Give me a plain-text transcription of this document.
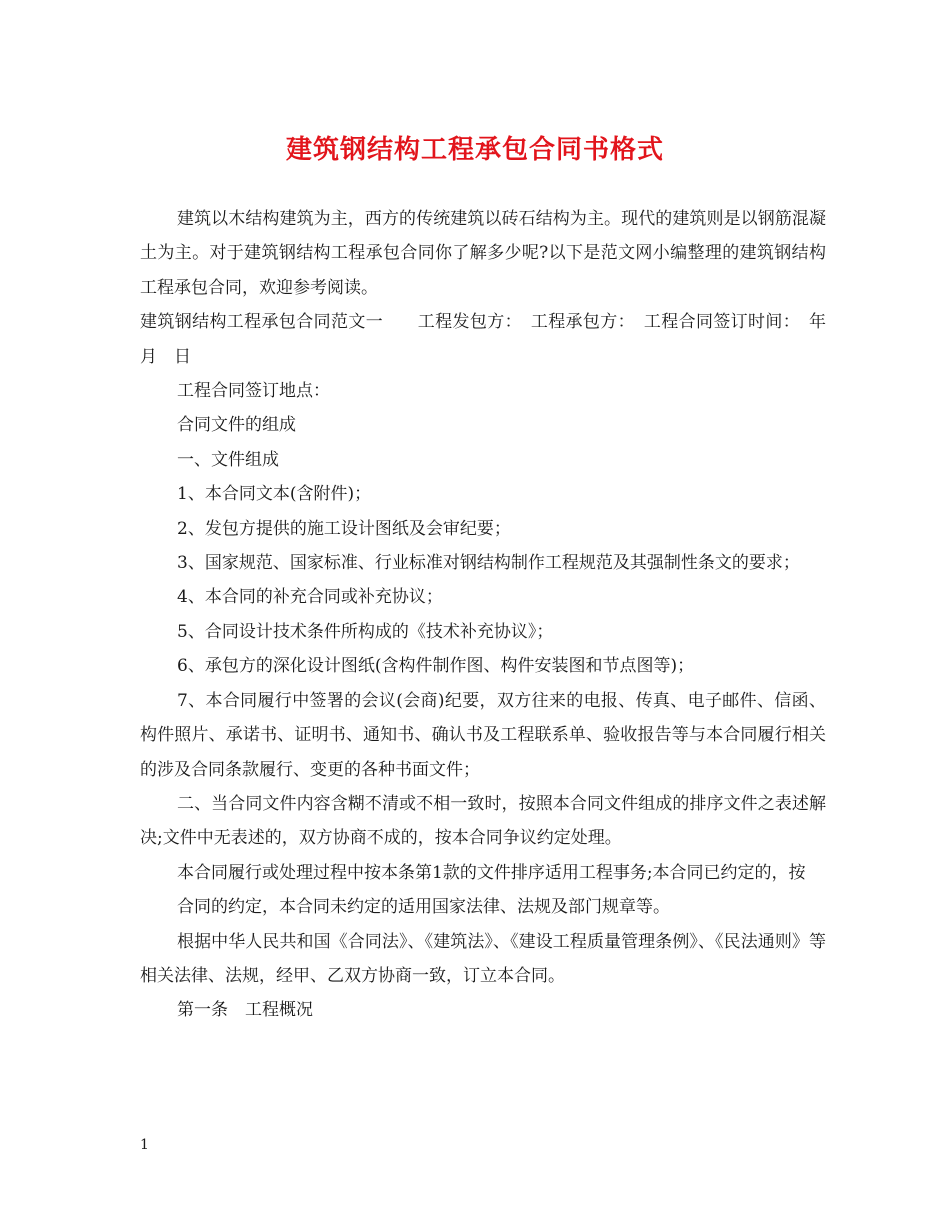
建筑钢结构工程承包合同书格式

建筑以木结构建筑为主，西方的传统建筑以砖石结构为主。现代的建筑则是以钢筋混凝土为主。对于建筑钢结构工程承包合同你了解多少呢?以下是范文网小编整理的建筑钢结构工程承包合同，欢迎参考阅读。

建筑钢结构工程承包合同范文一　　工程发包方：　工程承包方：　工程合同签订时间：　年　月　日

工程合同签订地点：

合同文件的组成

一、文件组成

1、本合同文本(含附件)；

2、发包方提供的施工设计图纸及会审纪要；

3、国家规范、国家标准、行业标准对钢结构制作工程规范及其强制性条文的要求；

4、本合同的补充合同或补充协议；

5、合同设计技术条件所构成的《技术补充协议》；

6、承包方的深化设计图纸(含构件制作图、构件安装图和节点图等)；

7、本合同履行中签署的会议(会商)纪要，双方往来的电报、传真、电子邮件、信函、构件照片、承诺书、证明书、通知书、确认书及工程联系单、验收报告等与本合同履行相关的涉及合同条款履行、变更的各种书面文件；

二、当合同文件内容含糊不清或不相一致时，按照本合同文件组成的排序文件之表述解决;文件中无表述的，双方协商不成的，按本合同争议约定处理。

本合同履行或处理过程中按本条第1款的文件排序适用工程事务;本合同已约定的，按

合同的约定，本合同未约定的适用国家法律、法规及部门规章等。

根据中华人民共和国《合同法》、《建筑法》、《建设工程质量管理条例》、《民法通则》等相关法律、法规，经甲、乙双方协商一致，订立本合同。

第一条　工程概况

1
